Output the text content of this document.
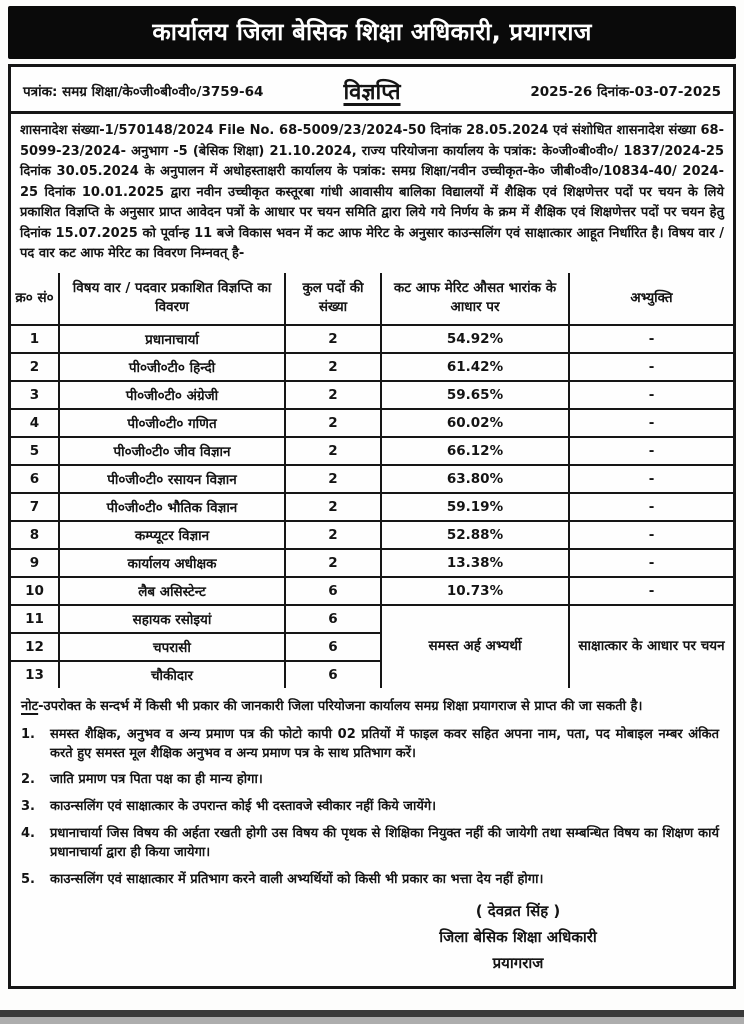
कार्यालय जिला बेसिक शिक्षा अधिकारी, प्रयागराज
पत्रांक: समग्र शिक्षा/के०जी०बी०वी०/3759-64	विज्ञप्ति	2025-26 दिनांक-03-07-2025
शासनादेश संख्या-1/570148/2024 File No. 68-5009/23/2024-50 दिनांक 28.05.2024 एवं संशोधित शासनादेश संख्या 68-5099-23/2024- अनुभाग -5 (बेसिक शिक्षा) 21.10.2024, राज्य परियोजना कार्यालय के पत्रांक: के०जी०बी०वी०/ 1837/2024-25 दिनांक 30.05.2024 के अनुपालन में अधोहस्ताक्षरी कार्यालय के पत्रांक: समग्र शिक्षा/नवीन उच्चीकृत-के० जीबी०वी०/10834-40/ 2024-25 दिनांक 10.01.2025 द्वारा नवीन उच्चीकृत कस्तूरबा गांधी आवासीय बालिका विद्यालयों में शैक्षिक एवं शिक्षणेत्तर पदों पर चयन के लिये प्रकाशित विज्ञप्ति के अनुसार प्राप्त आवेदन पत्रों के आधार पर चयन समिति द्वारा लिये गये निर्णय के क्रम में शैक्षिक एवं शिक्षणेत्तर पदों पर चयन हेतु दिनांक 15.07.2025 को पूर्वान्ह 11 बजे विकास भवन में कट आफ मेरिट के अनुसार काउन्सलिंग एवं साक्षात्कार आहूत निर्धारित है। विषय वार / पद वार कट आफ मेरिट का विवरण निम्नवत् है-
क्र० सं०	विषय वार / पदवार प्रकाशित विज्ञप्ति का विवरण	कुल पदों की संख्या	कट आफ मेरिट औसत भारांक के आधार पर	अभ्युक्ति
1	प्रधानाचार्या	2	54.92%	-
2	पी०जी०टी० हिन्दी	2	61.42%	-
3	पी०जी०टी० अंग्रेजी	2	59.65%	-
4	पी०जी०टी० गणित	2	60.02%	-
5	पी०जी०टी० जीव विज्ञान	2	66.12%	-
6	पी०जी०टी० रसायन विज्ञान	2	63.80%	-
7	पी०जी०टी० भौतिक विज्ञान	2	59.19%	-
8	कम्प्यूटर विज्ञान	2	52.88%	-
9	कार्यालय अधीक्षक	2	13.38%	-
10	लैब असिस्टेन्ट	6	10.73%	-
11	सहायक रसोइयां	6	समस्त अर्ह अभ्यर्थी	साक्षात्कार के आधार पर चयन
12	चपरासी	6		
13	चौकीदार	6		
नोट-उपरोक्त के सन्दर्भ में किसी भी प्रकार की जानकारी जिला परियोजना कार्यालय समग्र शिक्षा प्रयागराज से प्राप्त की जा सकती है।
1.	समस्त शैक्षिक, अनुभव व अन्य प्रमाण पत्र की फोटो कापी 02 प्रतियों में फाइल कवर सहित अपना नाम, पता, पद मोबाइल नम्बर अंकित करते हुए समस्त मूल शैक्षिक अनुभव व अन्य प्रमाण पत्र के साथ प्रतिभाग करें।
2.	जाति प्रमाण पत्र पिता पक्ष का ही मान्य होगा।
3.	काउन्सलिंग एवं साक्षात्कार के उपरान्त कोई भी दस्तावजे स्वीकार नहीं किये जायेंगे।
4.	प्रधानाचार्या जिस विषय की अर्हता रखती होगी उस विषय की पृथक से शिक्षिका नियुक्त नहीं की जायेगी तथा सम्बन्धित विषय का शिक्षण कार्य प्रधानाचार्या द्वारा ही किया जायेगा।
5.	काउन्सलिंग एवं साक्षात्कार में प्रतिभाग करने वाली अभ्यर्थियों को किसी भी प्रकार का भत्ता देय नहीं होगा।
( देवव्रत सिंह )
जिला बेसिक शिक्षा अधिकारी
प्रयागराज
